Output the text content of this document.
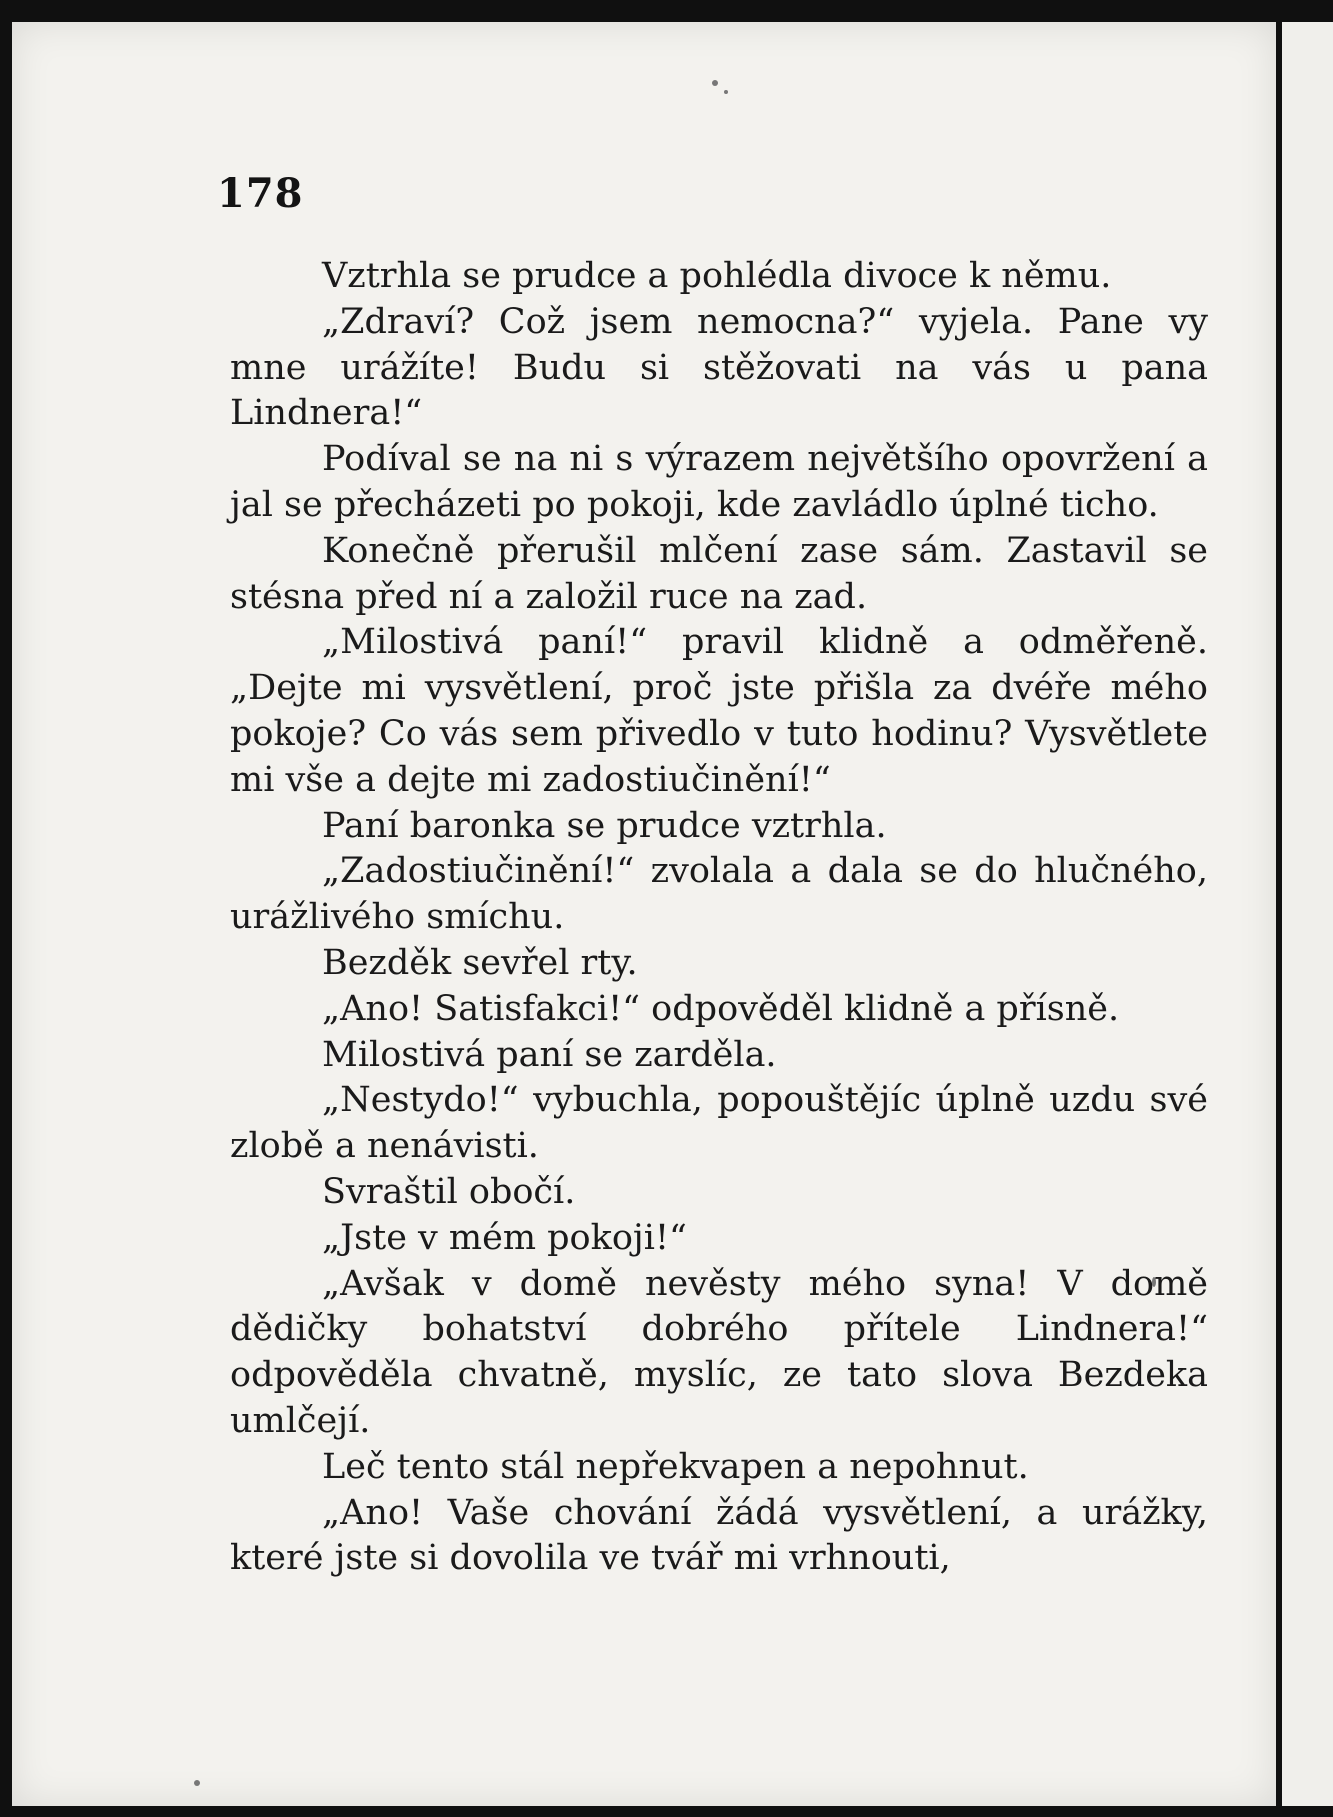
178

Vztrhla se prudce a pohlédla divoce k němu.

„Zdraví? Což jsem nemocna?“ vyjela. Pane vy mne urážíte! Budu si stěžovati na vás u pana Lindnera!“

Podíval se na ni s výrazem největšího opovržení a jal se přecházeti po pokoji, kde zavládlo úplné ticho.

Konečně přerušil mlčení zase sám. Zastavil se stésna před ní a založil ruce na zad.

„Milostivá paní!“ pravil klidně a odměřeně. „Dejte mi vysvětlení, proč jste přišla za dvéře mého pokoje? Co vás sem přivedlo v tuto hodinu? Vysvětlete mi vše a dejte mi zadostiučinění!“

Paní baronka se prudce vztrhla.

„Zadostiučinění!“ zvolala a dala se do hlučného, urážlivého smíchu.

Bezděk sevřel rty.

„Ano! Satisfakci!“ odpověděl klidně a přísně.

Milostivá paní se zarděla.

„Nestydo!“ vybuchla, popouštějíc úplně uzdu své zlobě a nenávisti.

Svraštil obočí.

„Jste v mém pokoji!“

„Avšak v domě nevěsty mého syna! V domě dědičky bohatství dobrého přítele Lindnera!“ odpověděla chvatně, myslíc, ze tato slova Bezdeka umlčejí.

Leč tento stál nepřekvapen a nepohnut.

„Ano! Vaše chování žádá vysvětlení, a urážky, které jste si dovolila ve tvář mi vrhnouti,
